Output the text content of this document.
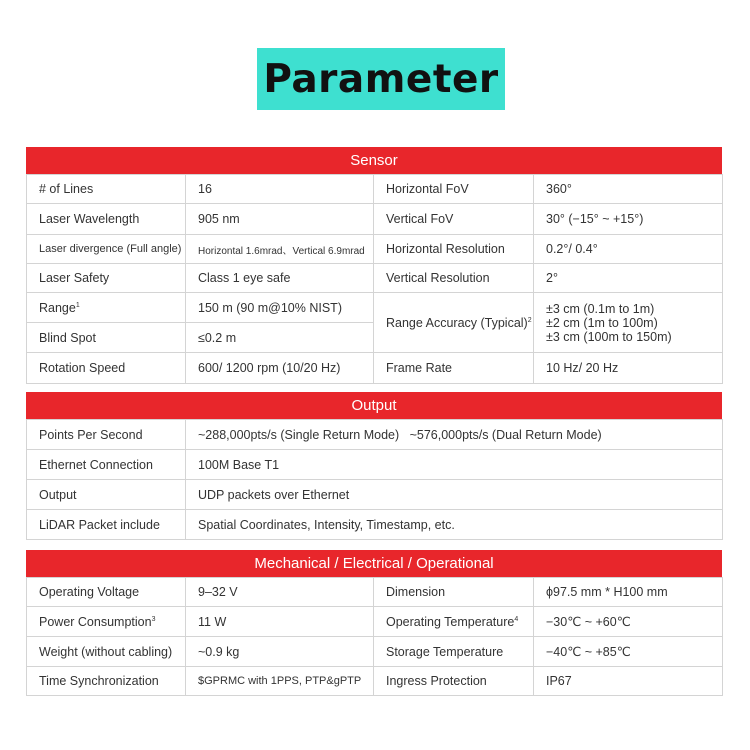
Parameter
Sensor
# of Lines	16	Horizontal FoV	360°
Laser Wavelength	905 nm	Vertical FoV	30° (−15° ~ +15°)
Laser divergence (Full angle)	Horizontal 1.6mrad、Vertical 6.9mrad	Horizontal Resolution	0.2°/ 0.4°
Laser Safety	Class 1 eye safe	Vertical Resolution	2°
Range$^1$	150 m (90 m@10% NIST)	Range Accuracy (Typical)$^2$	±3 cm (0.1m to 1m)
±2 cm (1m to 100m)
±3 cm (100m to 150m)

Blind Spot	≤0.2 m		
Rotation Speed	600/ 1200 rpm (10/20 Hz)	Frame Rate	10 Hz/ 20 Hz
Output
Points Per Second	~288,000pts/s (Single Return Mode)   ~576,000pts/s (Dual Return Mode)
Ethernet Connection	100M Base T1
Output	UDP packets over Ethernet
LiDAR Packet include	Spatial Coordinates, Intensity, Timestamp, etc.
Mechanical / Electrical / Operational
Operating Voltage	9–32 V	Dimension	ϕ97.5 mm * H100 mm
Power Consumption$^3$	11 W	Operating Temperature$^4$	−30℃ ~ +60℃
Weight (without cabling)	~0.9 kg	Storage Temperature	−40℃ ~ +85℃
Time Synchronization	$GPRMC with 1PPS, PTP&gPTP	Ingress Protection	IP67
